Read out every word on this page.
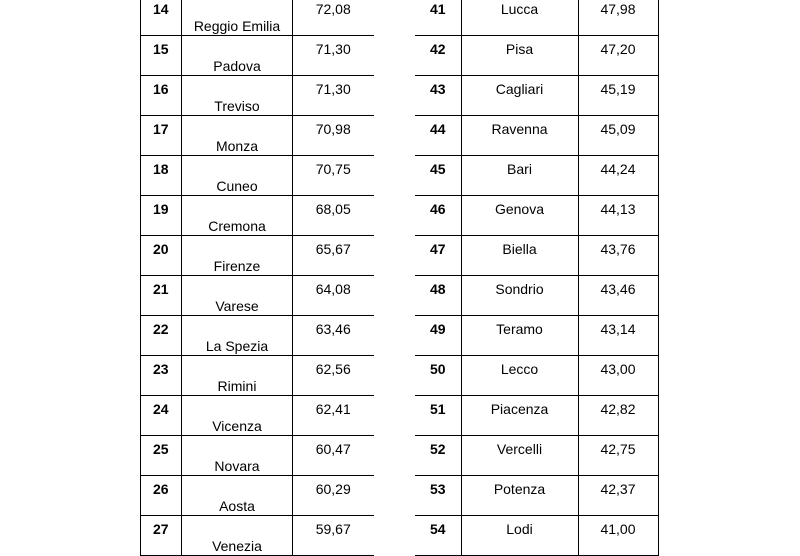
14	Reggio Emilia	72,08
15	Padova	71,30
16	Treviso	71,30
17	Monza	70,98
18	Cuneo	70,75
19	Cremona	68,05
20	Firenze	65,67
21	Varese	64,08
22	La Spezia	63,46
23	Rimini	62,56
24	Vicenza	62,41
25	Novara	60,47
26	Aosta	60,29
27	Venezia	59,67
41	Lucca	47,98
42	Pisa	47,20
43	Cagliari	45,19
44	Ravenna	45,09
45	Bari	44,24
46	Genova	44,13
47	Biella	43,76
48	Sondrio	43,46
49	Teramo	43,14
50	Lecco	43,00
51	Piacenza	42,82
52	Vercelli	42,75
53	Potenza	42,37
54	Lodi	41,00
